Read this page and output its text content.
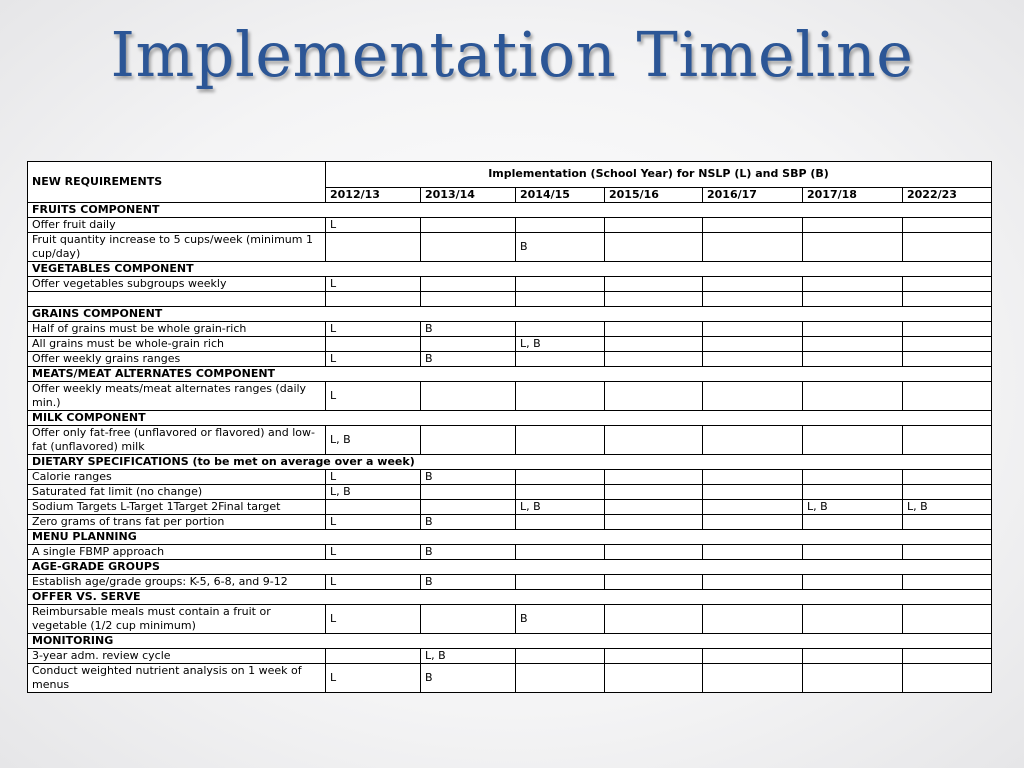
Implementation Timeline
NEW REQUIREMENTS	Implementation (School Year) for NSLP (L) and SBP (B)						
	2012/13	2013/14	2014/15	2015/16	2016/17	2017/18	2022/23
FRUITS COMPONENT							
Offer fruit daily	L						
Fruit quantity increase to 5 cups/week (minimum 1 cup/day)			B				
VEGETABLES COMPONENT							
Offer vegetables subgroups weekly	L						

GRAINS COMPONENT							
Half of grains must be whole grain-rich	L	B					
All grains must be whole-grain rich			L, B				
Offer weekly grains ranges	L	B					
MEATS/MEAT ALTERNATES COMPONENT							
Offer weekly meats/meat alternates ranges (daily min.)	L						
MILK COMPONENT							
Offer only fat-free (unflavored or flavored) and low-fat (unflavored) milk	L, B						
DIETARY SPECIFICATIONS (to be met on average over a week)							
Calorie ranges	L	B					
Saturated fat limit (no change)	L, B						
Sodium Targets L-Target 1Target 2Final target			L, B			L, B	L, B
Zero grams of trans fat per portion	L	B					
MENU PLANNING							
A single FBMP approach	L	B					
AGE-GRADE GROUPS							
Establish age/grade groups: K-5, 6-8, and 9-12	L	B					
OFFER VS. SERVE							
Reimbursable meals must contain a fruit or vegetable (1/2 cup minimum)	L		B				
MONITORING							
3-year adm. review cycle		L, B					
Conduct weighted nutrient analysis on 1 week of menus	L	B					
